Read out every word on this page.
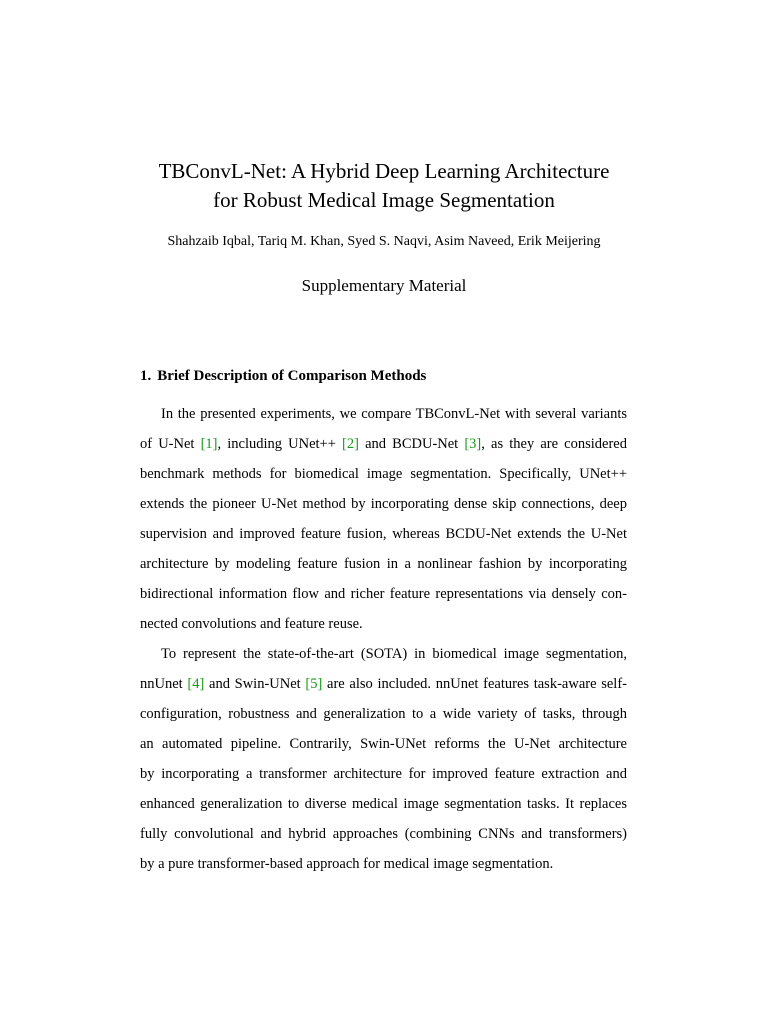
TBConvL-Net: A Hybrid Deep Learning Architecture
for Robust Medical Image Segmentation
Shahzaib Iqbal, Tariq M. Khan, Syed S. Naqvi, Asim Naveed, Erik Meijering
Supplementary Material
1. Brief Description of Comparison Methods
In the presented experiments, we compare TBConvL-Net with several variants
of U-Net [1], including UNet++ [2] and BCDU-Net [3], as they are considered
benchmark methods for biomedical image segmentation. Specifically, UNet++
extends the pioneer U-Net method by incorporating dense skip connections, deep
supervision and improved feature fusion, whereas BCDU-Net extends the U-Net
architecture by modeling feature fusion in a nonlinear fashion by incorporating
bidirectional information flow and richer feature representations via densely con-
nected convolutions and feature reuse.
To represent the state-of-the-art (SOTA) in biomedical image segmentation,
nnUnet [4] and Swin-UNet [5] are also included. nnUnet features task-aware self-
configuration, robustness and generalization to a wide variety of tasks, through
an automated pipeline. Contrarily, Swin-UNet reforms the U-Net architecture
by incorporating a transformer architecture for improved feature extraction and
enhanced generalization to diverse medical image segmentation tasks. It replaces
fully convolutional and hybrid approaches (combining CNNs and transformers)
by a pure transformer-based approach for medical image segmentation.
